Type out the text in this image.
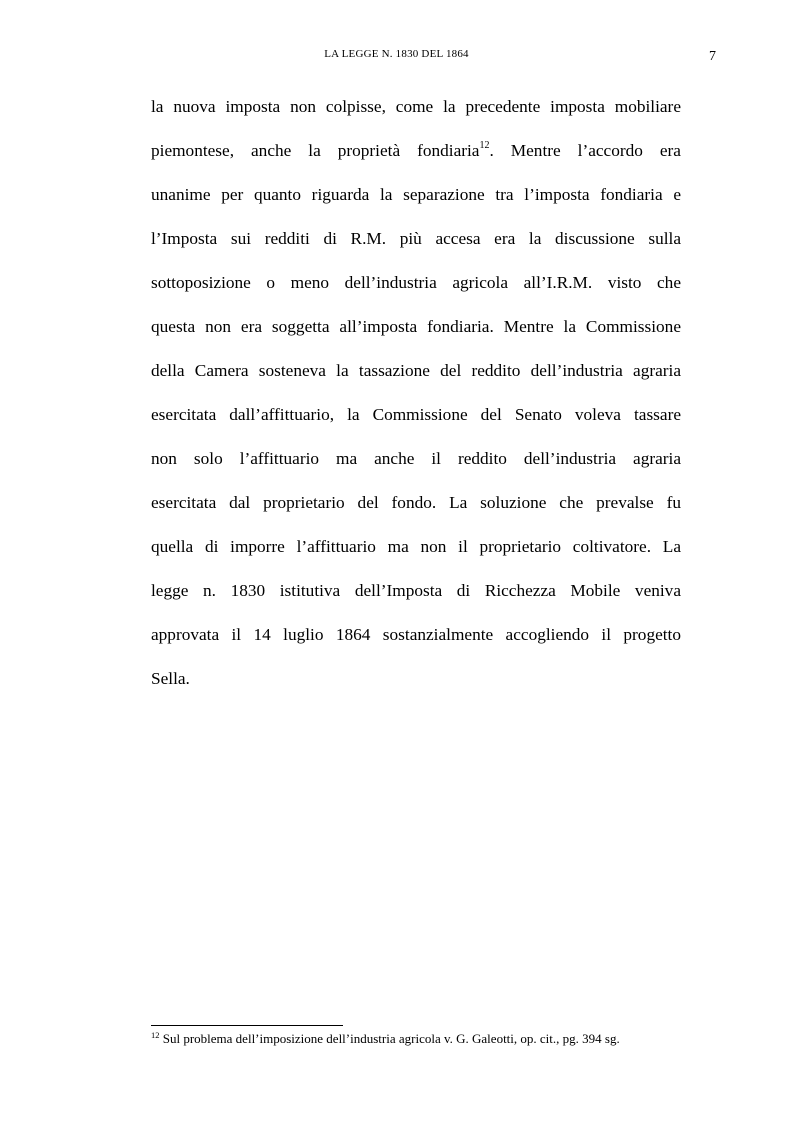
LA LEGGE N. 1830 DEL 1864	7
la nuova imposta non colpisse, come la precedente imposta mobiliare
piemontese, anche la proprietà fondiaria$^{12}$. Mentre l’accordo era
unanime per quanto riguarda la separazione tra l’imposta fondiaria e
l’Imposta sui redditi di R.M. più accesa era la discussione sulla
sottoposizione o meno dell’industria agricola all’I.R.M. visto che
questa non era soggetta all’imposta fondiaria. Mentre la Commissione
della Camera sosteneva la tassazione del reddito dell’industria agraria
esercitata dall’affittuario, la Commissione del Senato voleva tassare
non solo l’affittuario ma anche il reddito dell’industria agraria
esercitata dal proprietario del fondo. La soluzione che prevalse fu
quella di imporre l’affittuario ma non il proprietario coltivatore. La
legge n. 1830 istitutiva dell’Imposta di Ricchezza Mobile veniva
approvata il 14 luglio 1864 sostanzialmente accogliendo il progetto
Sella.
$^{12}$ Sul problema dell’imposizione dell’industria agricola v. G. Galeotti, op. cit., pg. 394 sg.
